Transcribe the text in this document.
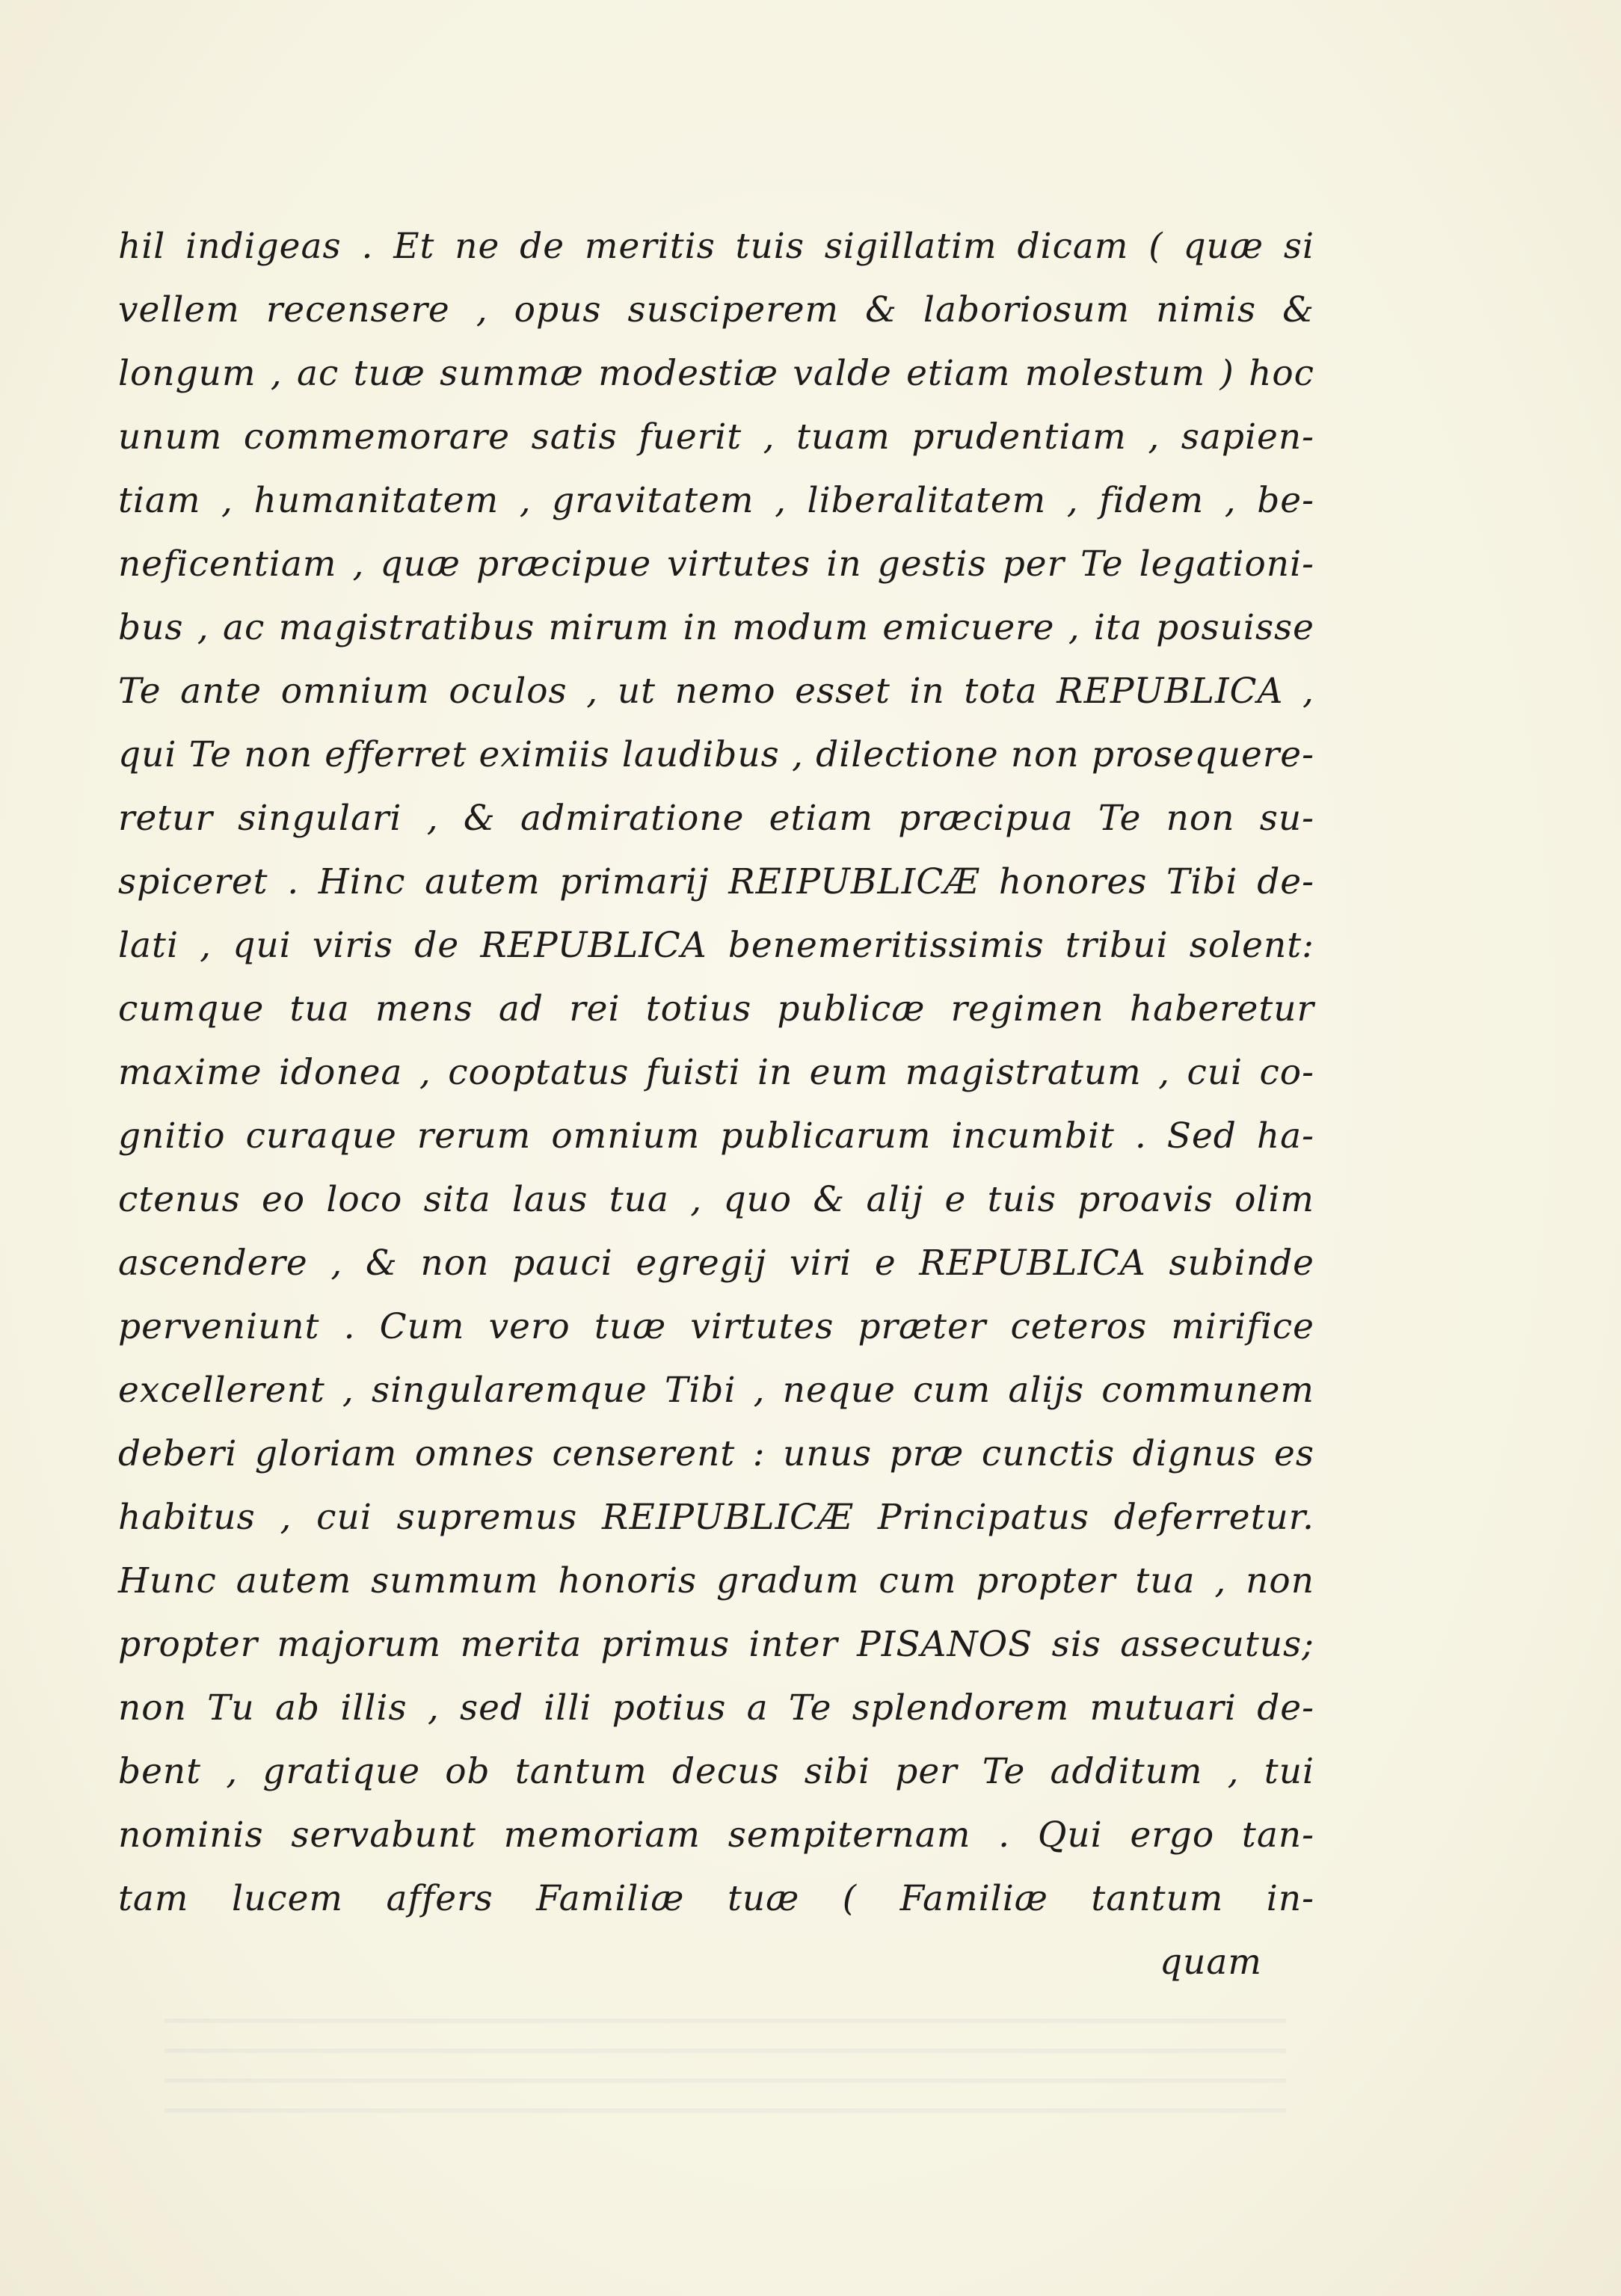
hil indigeas . Et ne de meritis tuis sigillatim dicam ( quæ si
vellem recensere , opus susciperem & laboriosum nimis &
longum , ac tuæ summæ modestiæ valde etiam molestum ) hoc
unum commemorare satis fuerit , tuam prudentiam , sapien-
tiam , humanitatem , gravitatem , liberalitatem , fidem , be-
neficentiam , quæ præcipue virtutes in gestis per Te legationi-
bus , ac magistratibus mirum in modum emicuere , ita posuisse
Te ante omnium oculos , ut nemo esset in tota REPUBLICA ,
qui Te non efferret eximiis laudibus , dilectione non prosequere-
retur singulari , & admiratione etiam præcipua Te non su-
spiceret . Hinc autem primarij REIPUBLICÆ honores Tibi de-
lati , qui viris de REPUBLICA benemeritissimis tribui solent:
cumque tua mens ad rei totius publicæ regimen haberetur
maxime idonea , cooptatus fuisti in eum magistratum , cui co-
gnitio curaque rerum omnium publicarum incumbit . Sed ha-
ctenus eo loco sita laus tua , quo & alij e tuis proavis olim
ascendere , & non pauci egregij viri e REPUBLICA subinde
perveniunt . Cum vero tuæ virtutes præter ceteros mirifice
excellerent , singularemque Tibi , neque cum alijs communem
deberi gloriam omnes censerent : unus præ cunctis dignus es
habitus , cui supremus REIPUBLICÆ Principatus deferretur.
Hunc autem summum honoris gradum cum propter tua , non
propter majorum merita primus inter PISANOS sis assecutus;
non Tu ab illis , sed illi potius a Te splendorem mutuari de-
bent , gratique ob tantum decus sibi per Te additum , tui
nominis servabunt memoriam sempiternam . Qui ergo tan-
tam lucem affers Familiæ tuæ ( Familiæ tantum in-
quam
